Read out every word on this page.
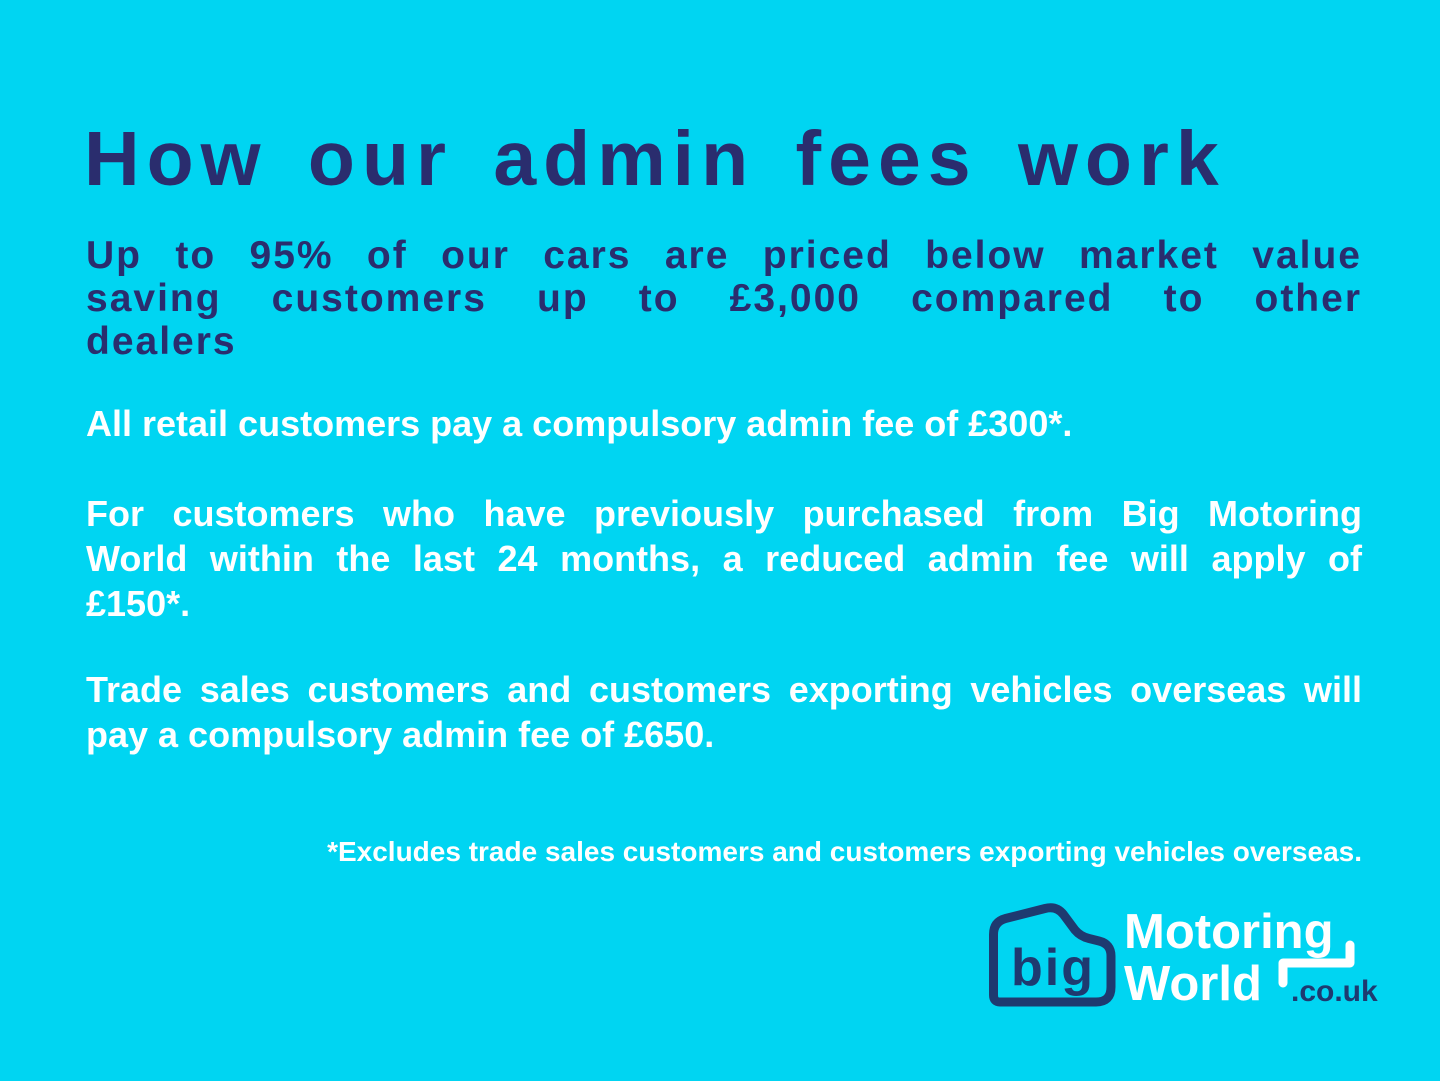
How our admin fees work
Up to 95% of our cars are priced below market value
saving customers up to £3,000 compared to other
dealers
All retail customers pay a compulsory admin fee of £300*.
For customers who have previously purchased from Big Motoring
World within the last 24 months, a reduced admin fee will apply of
£150*.
Trade sales customers and customers exporting vehicles overseas will
pay a compulsory admin fee of £650.
*Excludes trade sales customers and customers exporting vehicles overseas.
big
Motoring
World .co.uk
